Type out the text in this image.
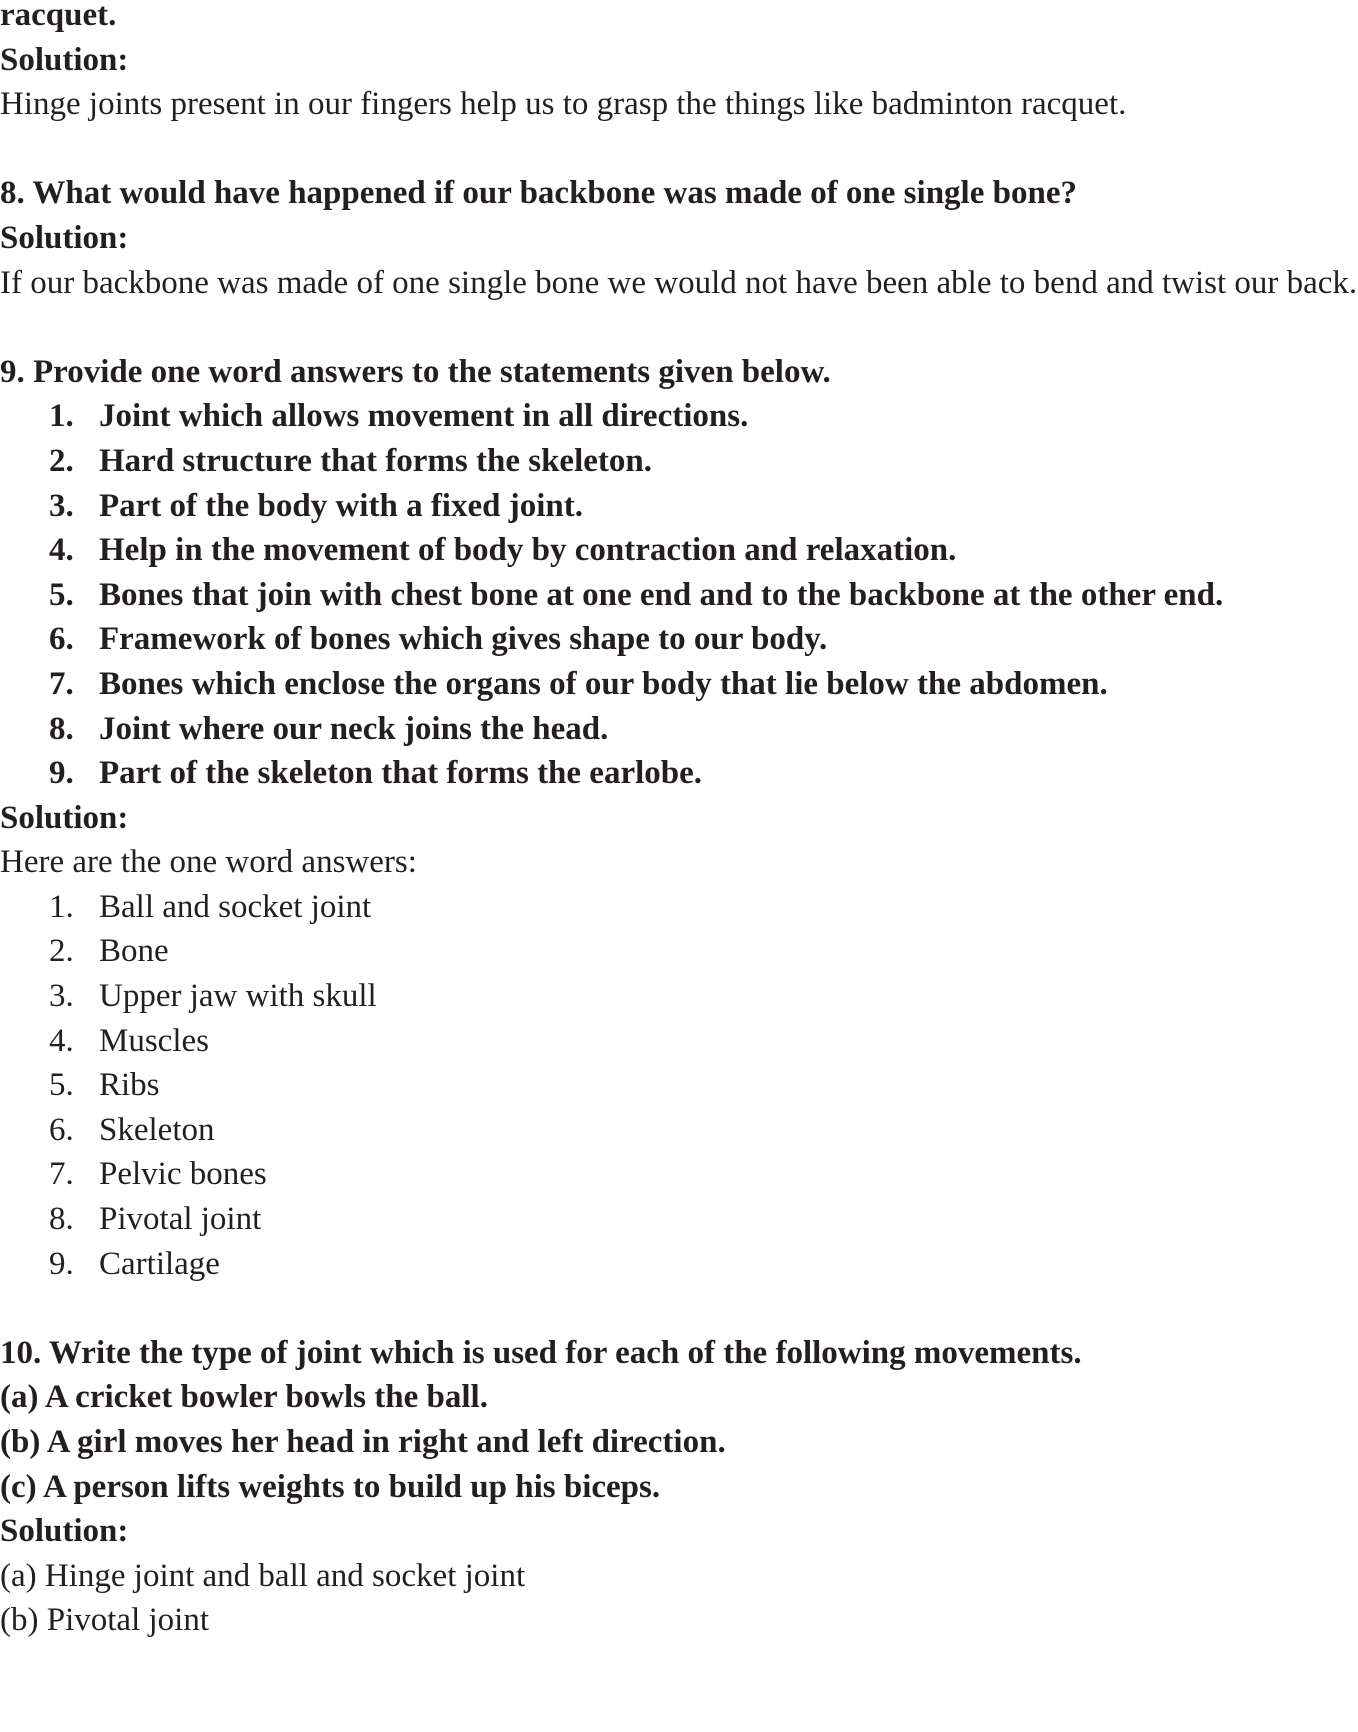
racquet.
Solution:
Hinge joints present in our fingers help us to grasp the things like badminton racquet.
8. What would have happened if our backbone was made of one single bone?
Solution:
If our backbone was made of one single bone we would not have been able to bend and twist our back.
9. Provide one word answers to the statements given below.
1. Joint which allows movement in all directions.
2. Hard structure that forms the skeleton.
3. Part of the body with a fixed joint.
4. Help in the movement of body by contraction and relaxation.
5. Bones that join with chest bone at one end and to the backbone at the other end.
6. Framework of bones which gives shape to our body.
7. Bones which enclose the organs of our body that lie below the abdomen.
8. Joint where our neck joins the head.
9. Part of the skeleton that forms the earlobe.
Solution:
Here are the one word answers:
1. Ball and socket joint
2. Bone
3. Upper jaw with skull
4. Muscles
5. Ribs
6. Skeleton
7. Pelvic bones
8. Pivotal joint
9. Cartilage
10. Write the type of joint which is used for each of the following movements.
(a) A cricket bowler bowls the ball.
(b) A girl moves her head in right and left direction.
(c) A person lifts weights to build up his biceps.
Solution:
(a) Hinge joint and ball and socket joint
(b) Pivotal joint
